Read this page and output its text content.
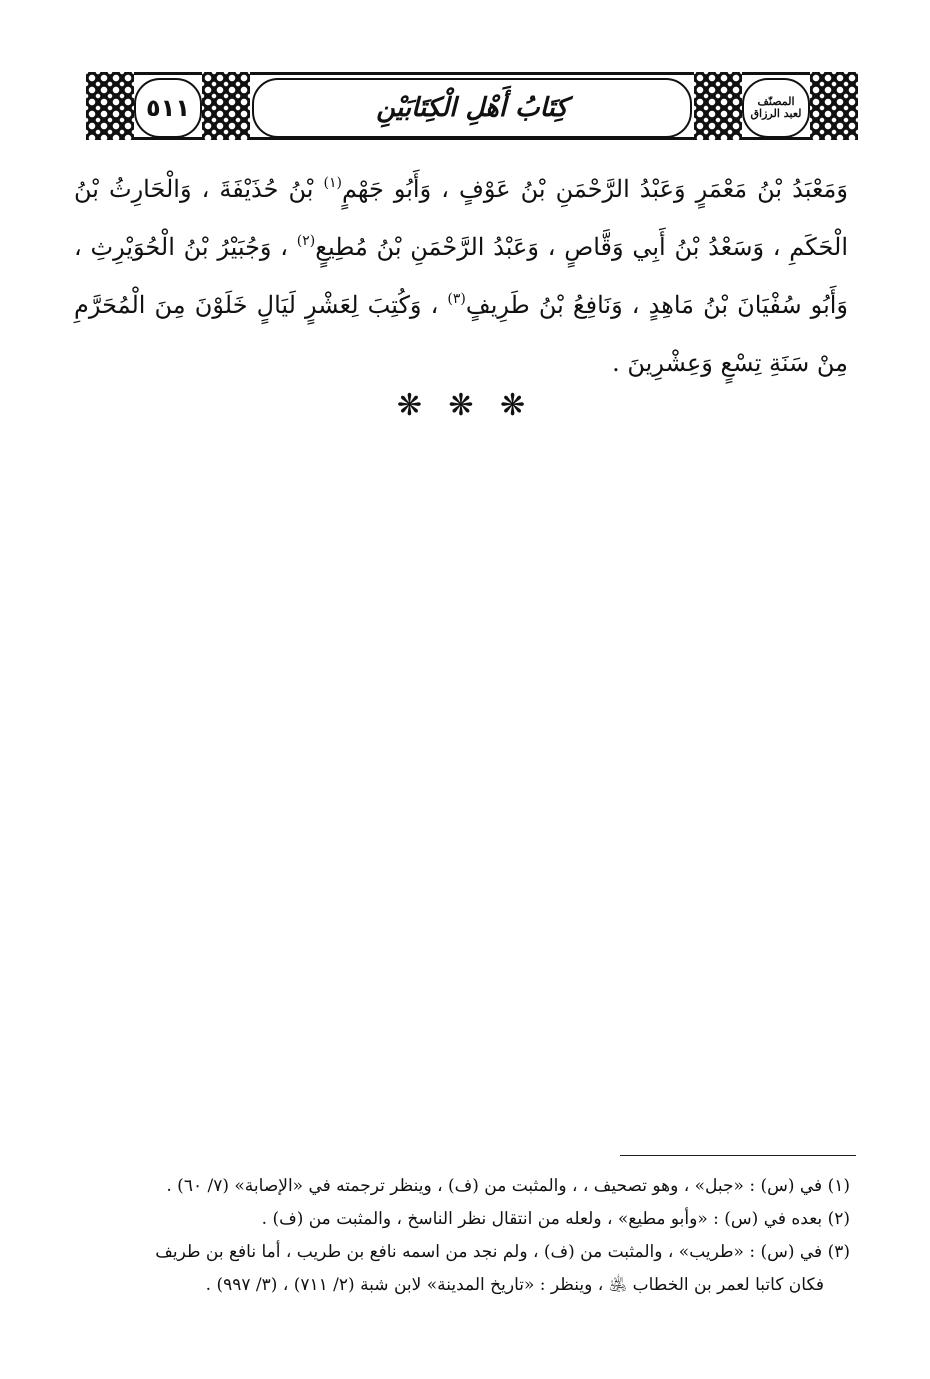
٥١١	كِتَابُ أَهْلِ الْكِتَابَيْنِ	المصنّف
لعبد الرزاق
وَمَعْبَدُ بْنُ مَعْمَرٍ وَعَبْدُ الرَّحْمَنِ بْنُ عَوْفٍ ، وَأَبُو جَهْمٍ$^{(١)}$ بْنُ حُذَيْفَةَ ، وَالْحَارِثُ بْنُ الْحَكَمِ ، وَسَعْدُ بْنُ أَبِي وَقَّاصٍ ، وَعَبْدُ الرَّحْمَنِ بْنُ مُطِيعٍ$^{(٢)}$ ، وَجُبَيْرُ بْنُ الْحُوَيْرِثِ ، وَأَبُو سُفْيَانَ بْنُ مَاهِدٍ ، وَنَافِعُ بْنُ طَرِيفٍ$^{(٣)}$ ، وَكُتِبَ لِعَشْرٍ لَيَالٍ خَلَوْنَ مِنَ الْمُحَرَّمِ مِنْ سَنَةِ تِسْعٍ وَعِشْرِينَ .
❋ ❋ ❋
(١) في (س) : «جبل» ، وهو تصحيف ، ، والمثبت من (ف) ، وينظر ترجمته في «الإصابة» (٧/ ٦٠) .
(٢) بعده في (س) : «وأبو مطيع» ، ولعله من انتقال نظر الناسخ ، والمثبت من (ف) .
(٣) في (س) : «طريب» ، والمثبت من (ف) ، ولم نجد من اسمه نافع بن طريب ، أما نافع بن طريف
فكان كاتبا لعمر بن الخطاب ﵁ ، وينظر : «تاريخ المدينة» لابن شبة (٢/ ٧١١) ، (٣/ ٩٩٧) .
